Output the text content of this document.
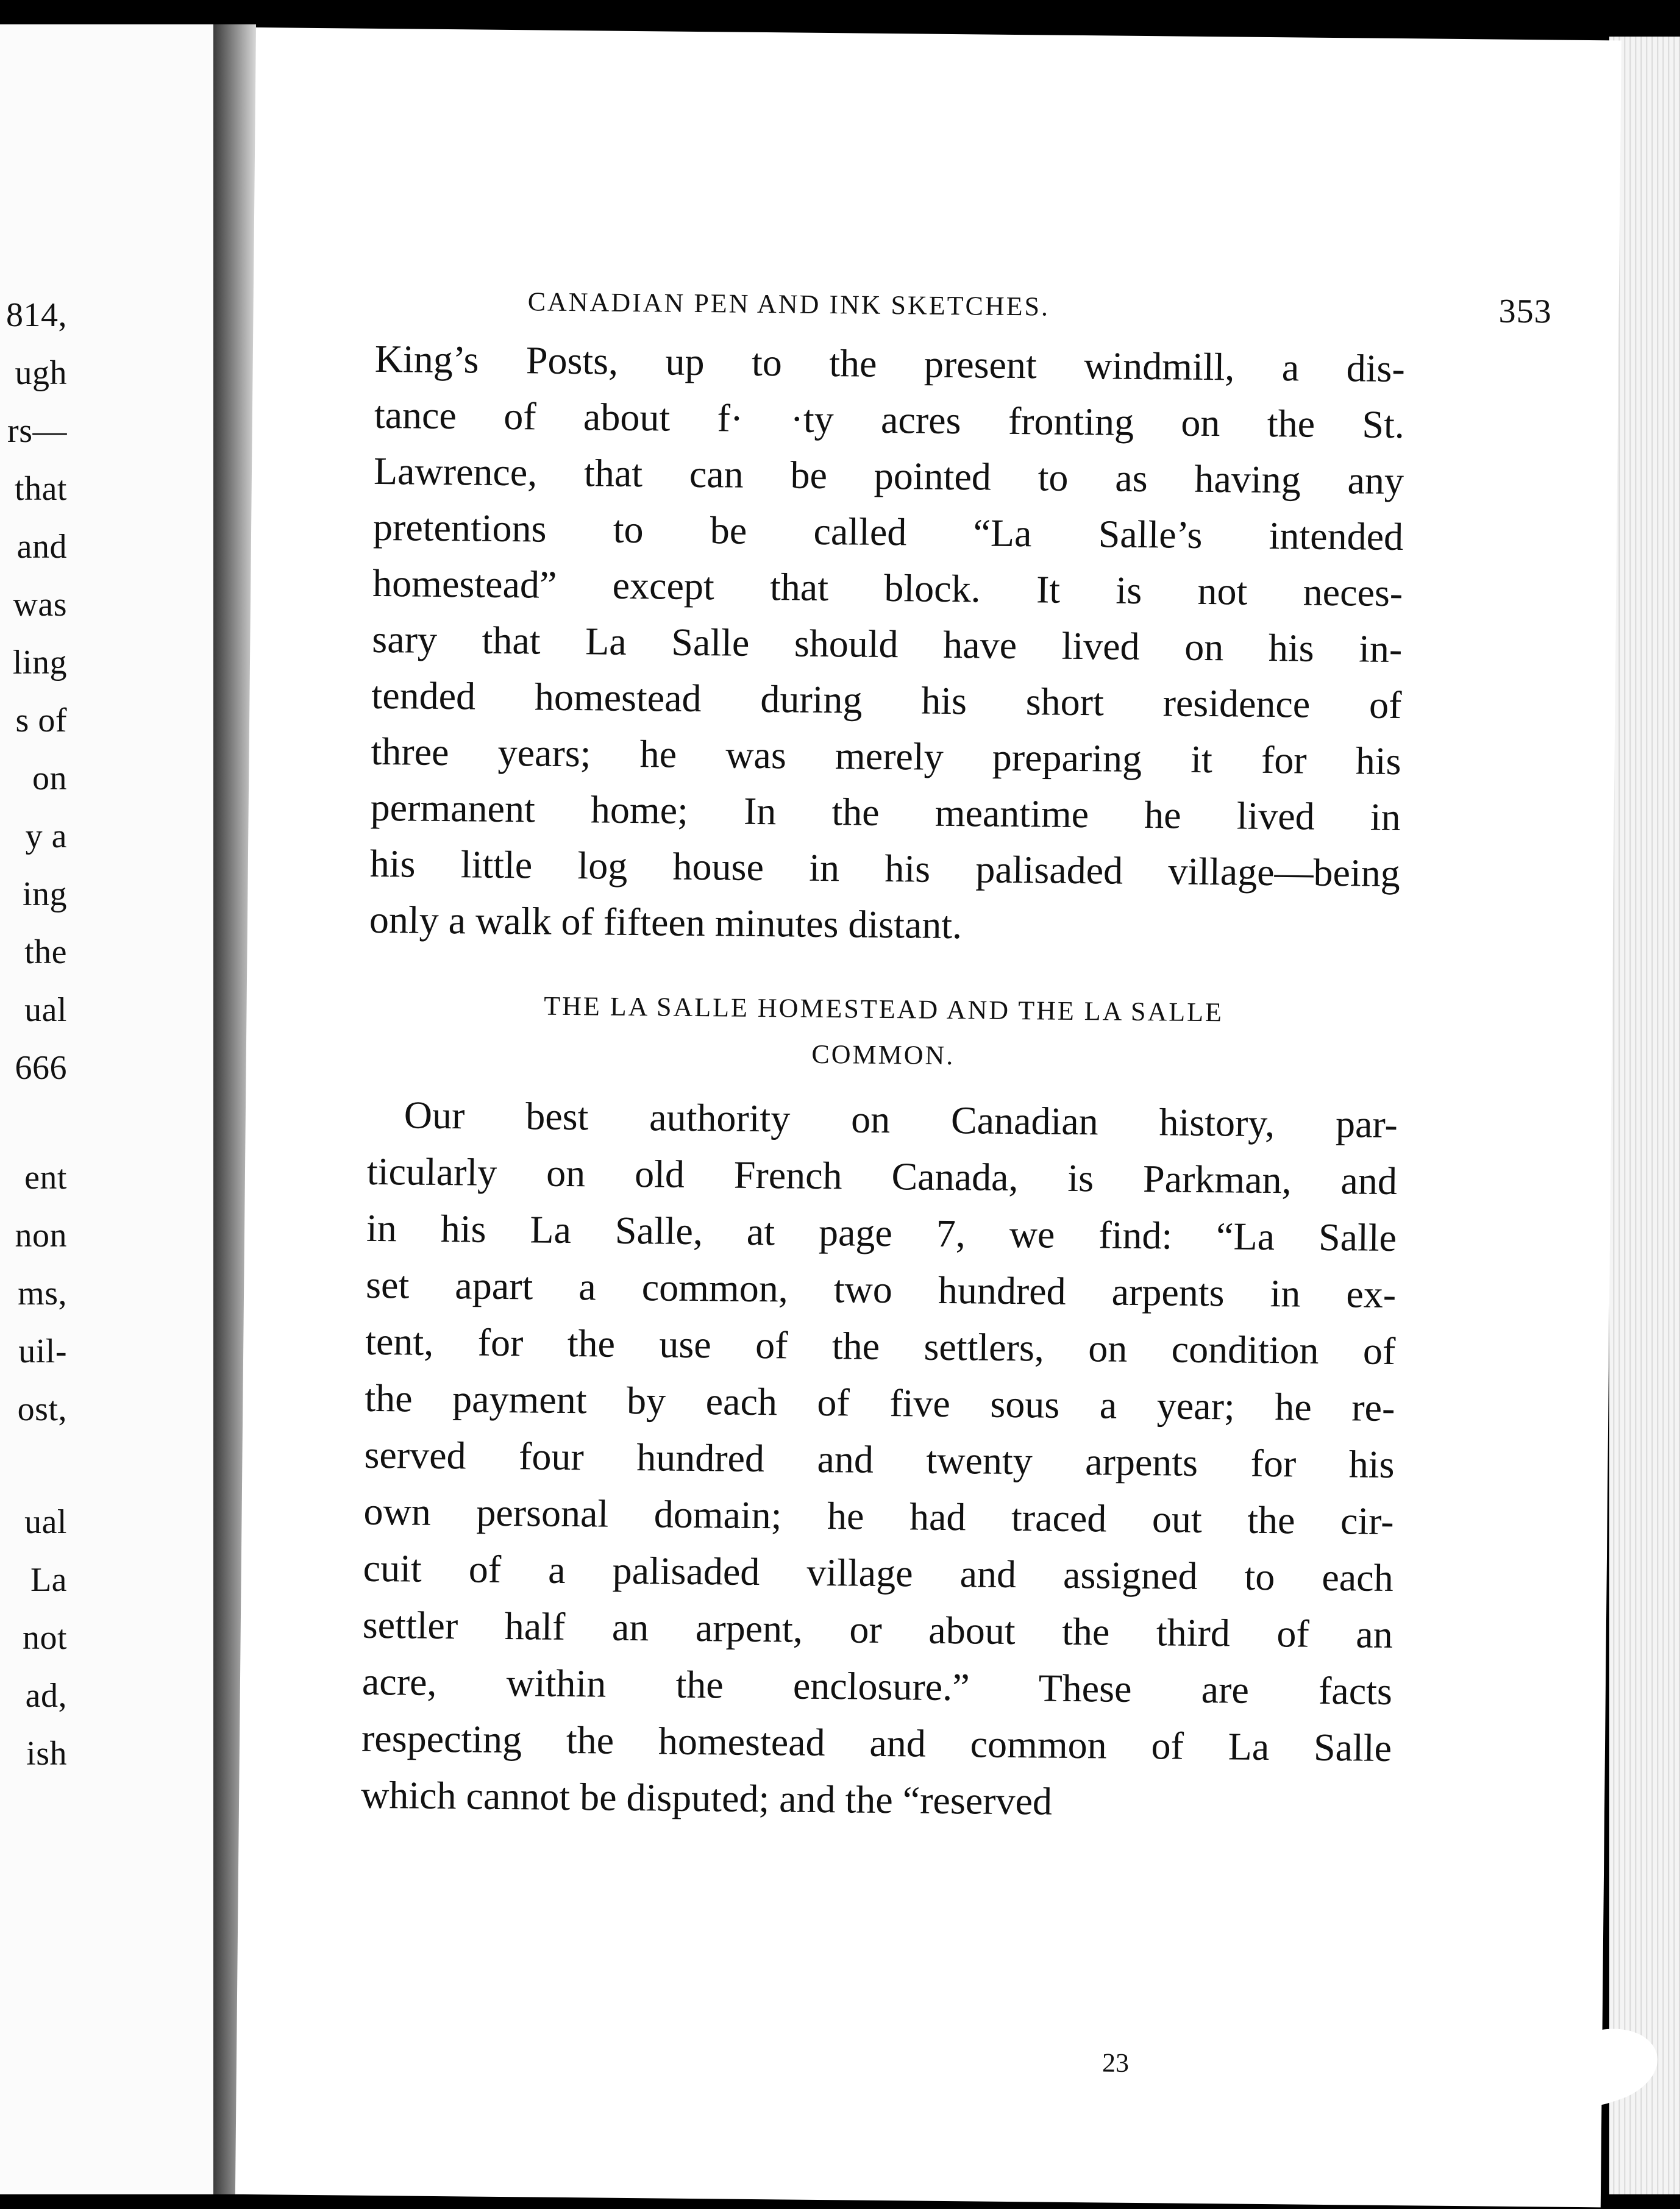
814,
ugh
rs—
that
and
was
ling
s of
on
y a
ing
the
ual
666
ent
non
ms,
uil-
ost,
ual
La
not
ad,
ish
CANADIAN PEN AND INK SKETCHES.	353
King’s Posts, up to the present windmill, a dis-
tance of about f· ·ty acres fronting on the St.
Lawrence, that can be pointed to as having any
pretentions to be called “La Salle’s intended
homestead” except that block. It is not neces-
sary that La Salle should have lived on his in-
tended homestead during his short residence of
three years; he was merely preparing it for his
permanent home; In the meantime he lived in
his little log house in his palisaded village—being
only a walk of fifteen minutes distant.
THE LA SALLE HOMESTEAD AND THE LA SALLE
COMMON.
Our best authority on Canadian history, par-
ticularly on old French Canada, is Parkman, and
in his La Salle, at page 7, we find: “La Salle
set apart a common, two hundred arpents in ex-
tent, for the use of the settlers, on condition of
the payment by each of five sous a year; he re-
served four hundred and twenty arpents for his
own personal domain; he had traced out the cir-
cuit of a palisaded village and assigned to each
settler half an arpent, or about the third of an
acre, within the enclosure.” These are facts
respecting the homestead and common of La Salle
which cannot be disputed; and the “reserved
23
